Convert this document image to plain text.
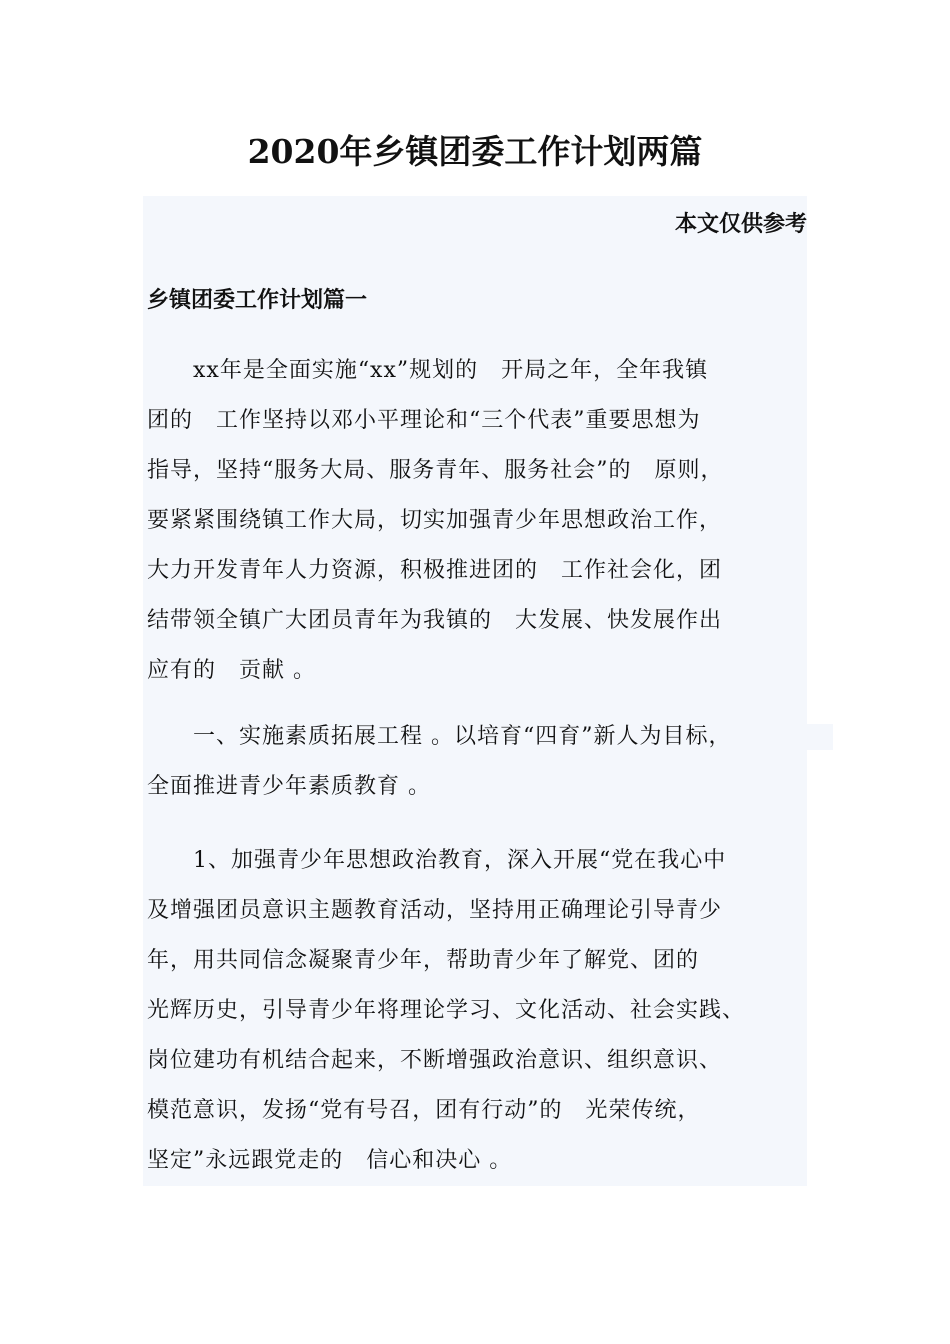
2020年乡镇团委工作计划两篇
本文仅供参考
乡镇团委工作计划篇一
　　xx年是全面实施“xx”规划的　开局之年，全年我镇
团的　工作坚持以邓小平理论和“三个代表”重要思想为
指导，坚持“服务大局、服务青年、服务社会”的　原则，
要紧紧围绕镇工作大局，切实加强青少年思想政治工作，
大力开发青年人力资源，积极推进团的　工作社会化，团
结带领全镇广大团员青年为我镇的　大发展、快发展作出
应有的　贡献 。
　　一、实施素质拓展工程 。以培育“四育”新人为目标，
全面推进青少年素质教育 。
　　1、加强青少年思想政治教育，深入开展“党在我心中
及增强团员意识主题教育活动，坚持用正确理论引导青少
年，用共同信念凝聚青少年，帮助青少年了解党、团的
光辉历史，引导青少年将理论学习、文化活动、社会实践、
岗位建功有机结合起来，不断增强政治意识、组织意识、
模范意识，发扬“党有号召，团有行动”的　光荣传统，
坚定”永远跟党走的　信心和决心 。
